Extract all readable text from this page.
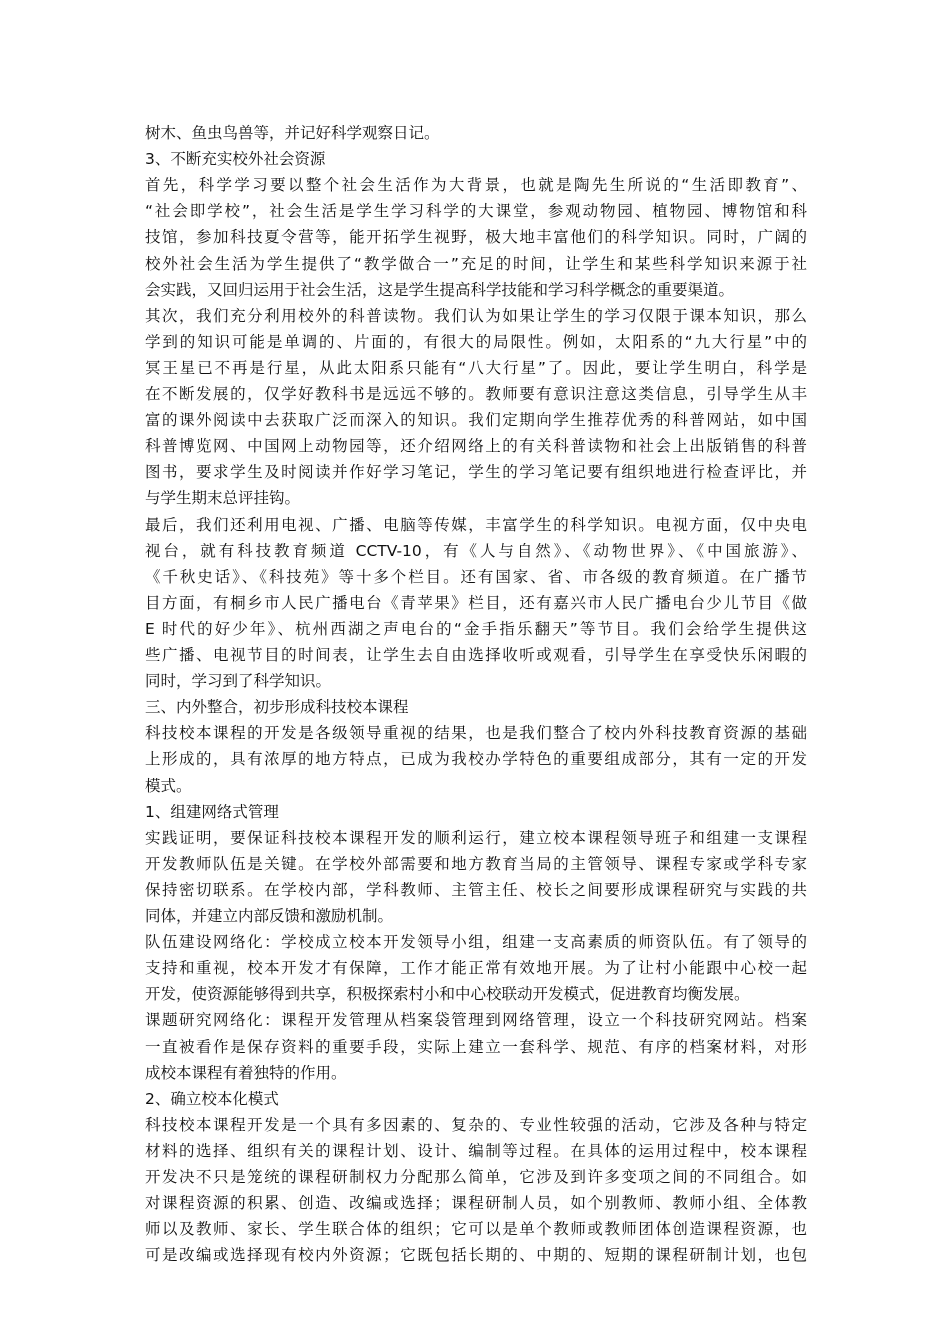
树木、鱼虫鸟兽等，并记好科学观察日记。
3、不断充实校外社会资源
首先，科学学习要以整个社会生活作为大背景，也就是陶先生所说的“生活即教育”、
“社会即学校”，社会生活是学生学习科学的大课堂，参观动物园、植物园、博物馆和科
技馆，参加科技夏令营等，能开拓学生视野，极大地丰富他们的科学知识。同时，广阔的
校外社会生活为学生提供了“教学做合一”充足的时间，让学生和某些科学知识来源于社
会实践，又回归运用于社会生活，这是学生提高科学技能和学习科学概念的重要渠道。
其次，我们充分利用校外的科普读物。我们认为如果让学生的学习仅限于课本知识，那么
学到的知识可能是单调的、片面的，有很大的局限性。例如，太阳系的“九大行星”中的
冥王星已不再是行星，从此太阳系只能有“八大行星”了。因此，要让学生明白，科学是
在不断发展的，仅学好教科书是远远不够的。教师要有意识注意这类信息，引导学生从丰
富的课外阅读中去获取广泛而深入的知识。我们定期向学生推荐优秀的科普网站，如中国
科普博览网、中国网上动物园等，还介绍网络上的有关科普读物和社会上出版销售的科普
图书，要求学生及时阅读并作好学习笔记，学生的学习笔记要有组织地进行检查评比，并
与学生期末总评挂钩。
最后，我们还利用电视、广播、电脑等传媒，丰富学生的科学知识。电视方面，仅中央电
视台，就有科技教育频道 CCTV-10，有《人与自然》、《动物世界》、《中国旅游》、
《千秋史话》、《科技苑》等十多个栏目。还有国家、省、市各级的教育频道。在广播节
目方面，有桐乡市人民广播电台《青苹果》栏目，还有嘉兴市人民广播电台少儿节目《做
E 时代的好少年》、杭州西湖之声电台的“金手指乐翻天”等节目。我们会给学生提供这
些广播、电视节目的时间表，让学生去自由选择收听或观看，引导学生在享受快乐闲暇的
同时，学习到了科学知识。
三、内外整合，初步形成科技校本课程
科技校本课程的开发是各级领导重视的结果，也是我们整合了校内外科技教育资源的基础
上形成的，具有浓厚的地方特点，已成为我校办学特色的重要组成部分，其有一定的开发
模式。
1、组建网络式管理
实践证明，要保证科技校本课程开发的顺利运行，建立校本课程领导班子和组建一支课程
开发教师队伍是关键。在学校外部需要和地方教育当局的主管领导、课程专家或学科专家
保持密切联系。在学校内部，学科教师、主管主任、校长之间要形成课程研究与实践的共
同体，并建立内部反馈和激励机制。
队伍建设网络化：学校成立校本开发领导小组，组建一支高素质的师资队伍。有了领导的
支持和重视，校本开发才有保障，工作才能正常有效地开展。为了让村小能跟中心校一起
开发，使资源能够得到共享，积极探索村小和中心校联动开发模式，促进教育均衡发展。
课题研究网络化：课程开发管理从档案袋管理到网络管理，设立一个科技研究网站。档案
一直被看作是保存资料的重要手段，实际上建立一套科学、规范、有序的档案材料，对形
成校本课程有着独特的作用。
2、确立校本化模式
科技校本课程开发是一个具有多因素的、复杂的、专业性较强的活动，它涉及各种与特定
材料的选择、组织有关的课程计划、设计、编制等过程。在具体的运用过程中，校本课程
开发决不只是笼统的课程研制权力分配那么简单，它涉及到许多变项之间的不同组合。如
对课程资源的积累、创造、改编或选择；课程研制人员，如个别教师、教师小组、全体教
师以及教师、家长、学生联合体的组织；它可以是单个教师或教师团体创造课程资源，也
可是改编或选择现有校内外资源；它既包括长期的、中期的、短期的课程研制计划，也包
